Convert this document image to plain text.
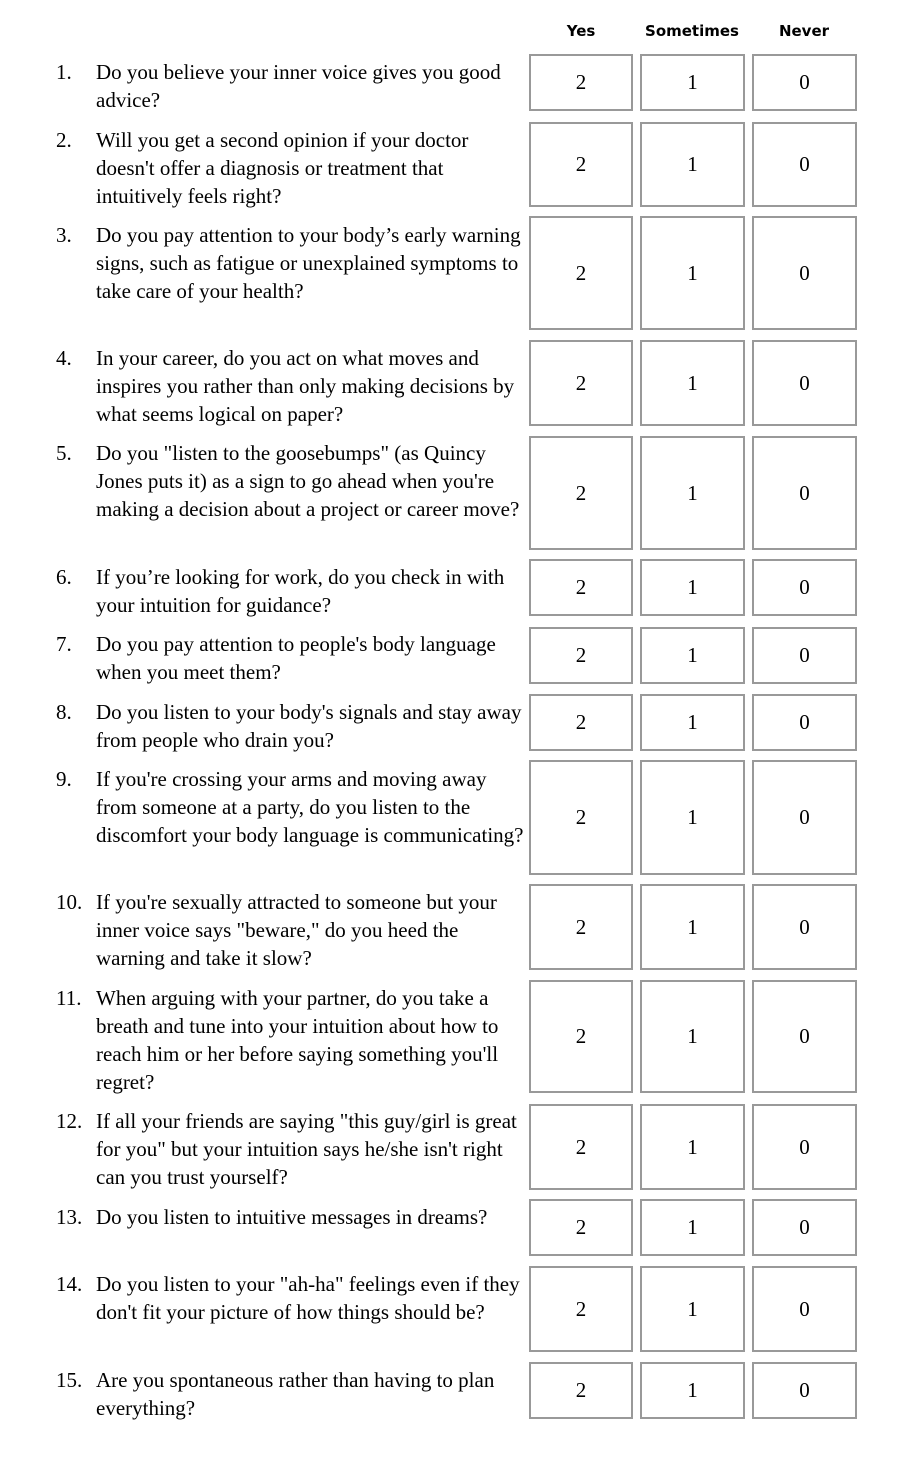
Yes	Sometimes	Never
1. Do you believe your inner voice gives you good advice?
2	1	0
2. Will you get a second opinion if your doctor doesn't offer a diagnosis or treatment that intuitively feels right?
2	1	0
3. Do you pay attention to your body’s early warning signs, such as fatigue or unexplained symptoms to take care of your health?
2	1	0
4. In your career, do you act on what moves and inspires you rather than only making decisions by what seems logical on paper?
2	1	0
5. Do you "listen to the goosebumps" (as Quincy Jones puts it) as a sign to go ahead when you're making a decision about a project or career move?
2	1	0
6. If you’re looking for work, do you check in with your intuition for guidance?
2	1	0
7. Do you pay attention to people's body language when you meet them?
2	1	0
8. Do you listen to your body's signals and stay away from people who drain you?
2	1	0
9. If you're crossing your arms and moving away from someone at a party, do you listen to the discomfort your body language is communicating?
2	1	0
10. If you're sexually attracted to someone but your inner voice says "beware," do you heed the warning and take it slow?
2	1	0
11. When arguing with your partner, do you take a breath and tune into your intuition about how to reach him or her before saying something you'll regret?
2	1	0
12. If all your friends are saying "this guy/girl is great for you" but your intuition says he/she isn't right can you trust yourself?
2	1	0
13. Do you listen to intuitive messages in dreams?	2	1	0
14. Do you listen to your "ah-ha" feelings even if they don't fit your picture of how things should be?	2	1	0
15. Are you spontaneous rather than having to plan everything?
2	1	0
